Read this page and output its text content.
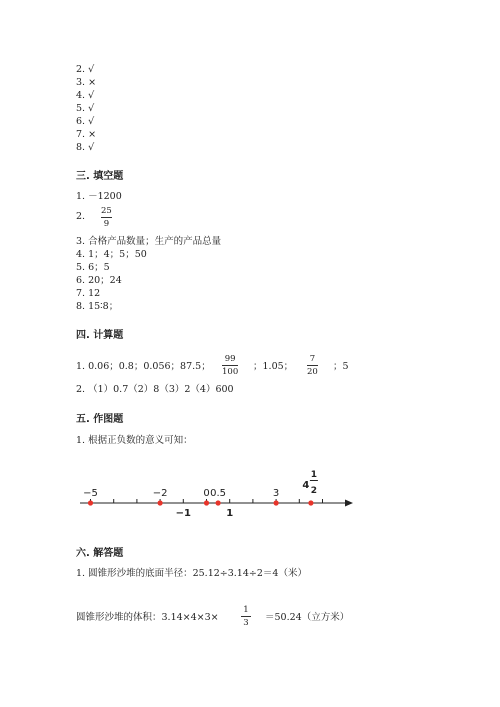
2. √
3. ×
4. √
5. √
6. √
7. ×
8. √
三. 填空题
1. －1200
2. 25
9
3. 合格产品数量；生产的产品总量
4. 1；4；5；50
5. 6；5
6. 20；24
7. 12
8. 15∶8；
四. 计算题
1. 0.06；0.8；0.056；87.5；
99
100 ；1.05；
7
20 ；5
2. （1）0.7（2）8（3）2（4）600
五. 作图题
1. 根据正负数的意义可知：
−5	−2	0 0.5	3
−1	1
4
1
2
六. 解答题
1. 圆锥形沙堆的底面半径：25.12÷3.14÷2＝4（米）
圆锥形沙堆的体积：3.14×4×3×
1
3 ＝50.24（立方米）
